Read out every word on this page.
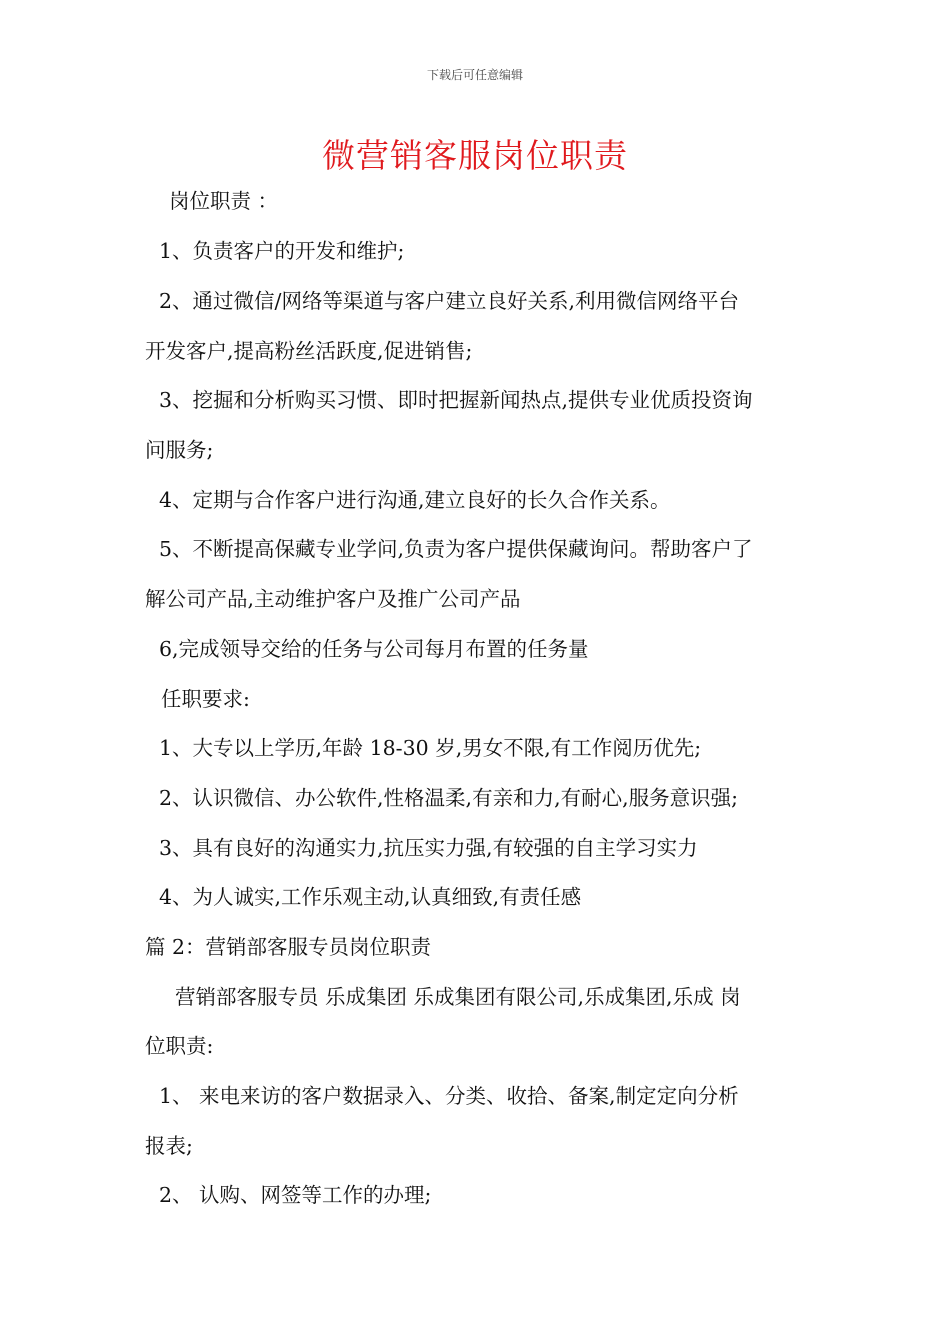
下载后可任意编辑
微营销客服岗位职责
岗位职责 ：
1、负责客户的开发和维护;
2、通过微信/网络等渠道与客户建立良好关系,利用微信网络平台
开发客户,提高粉丝活跃度,促进销售;
3、挖掘和分析购买习惯、即时把握新闻热点,提供专业优质投资询
问服务;
4、定期与合作客户进行沟通,建立良好的长久合作关系。
5、不断提高保藏专业学问,负责为客户提供保藏询问。帮助客户了
解公司产品,主动维护客户及推广公司产品
6,完成领导交给的任务与公司每月布置的任务量
任职要求:
1、大专以上学历,年龄 18-30 岁,男女不限,有工作阅历优先;
2、认识微信、办公软件,性格温柔,有亲和力,有耐心,服务意识强;
3、具有良好的沟通实力,抗压实力强,有较强的自主学习实力
4、为人诚实,工作乐观主动,认真细致,有责任感
篇 2：营销部客服专员岗位职责
营销部客服专员 乐成集团 乐成集团有限公司,乐成集团,乐成 岗
位职责:
1、 来电来访的客户数据录入、分类、收拾、备案,制定定向分析
报表;
2、 认购、网签等工作的办理;
